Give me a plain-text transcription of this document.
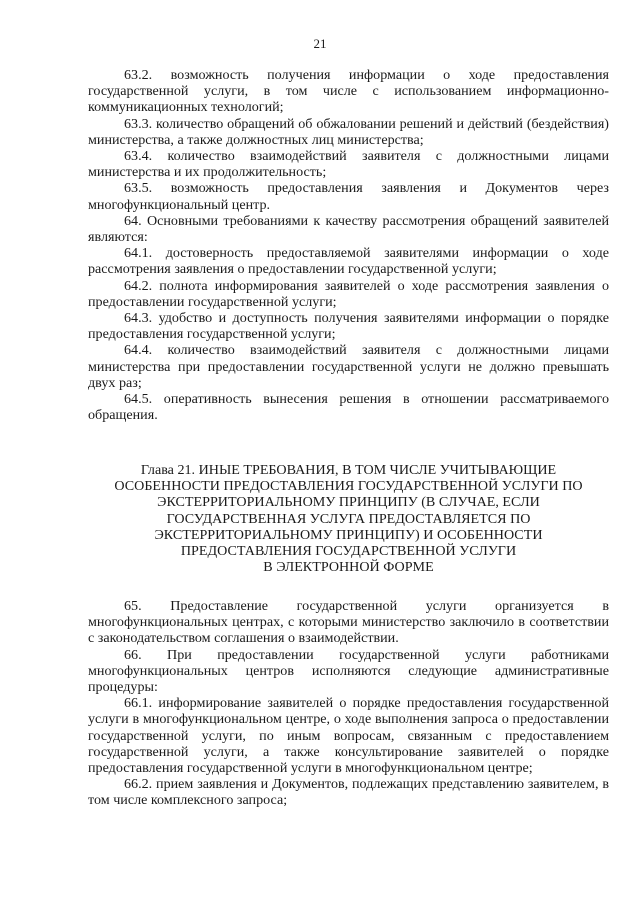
21

63.2. возможность получения информации о ходе предоставления государственной услуги, в том числе с использованием информационно-коммуникационных технологий;

63.3. количество обращений об обжаловании решений и действий (бездействия) министерства, а также должностных лиц министерства;

63.4. количество взаимодействий заявителя с должностными лицами министерства и их продолжительность;

63.5. возможность предоставления заявления и Документов через многофункциональный центр.

64. Основными требованиями к качеству рассмотрения обращений заявителей являются:

64.1. достоверность предоставляемой заявителями информации о ходе рассмотрения заявления о предоставлении государственной услуги;

64.2. полнота информирования заявителей о ходе рассмотрения заявления о предоставлении государственной услуги;

64.3. удобство и доступность получения заявителями информации о порядке предоставления государственной услуги;

64.4. количество взаимодействий заявителя с должностными лицами министерства при предоставлении государственной услуги не должно превышать двух раз;

64.5. оперативность вынесения решения в отношении рассматриваемого обращения.

Глава 21. ИНЫЕ ТРЕБОВАНИЯ, В ТОМ ЧИСЛЕ УЧИТЫВАЮЩИЕ
ОСОБЕННОСТИ ПРЕДОСТАВЛЕНИЯ ГОСУДАРСТВЕННОЙ УСЛУГИ ПО
ЭКСТЕРРИТОРИАЛЬНОМУ ПРИНЦИПУ (В СЛУЧАЕ, ЕСЛИ
ГОСУДАРСТВЕННАЯ УСЛУГА ПРЕДОСТАВЛЯЕТСЯ ПО
ЭКСТЕРРИТОРИАЛЬНОМУ ПРИНЦИПУ) И ОСОБЕННОСТИ
ПРЕДОСТАВЛЕНИЯ ГОСУДАРСТВЕННОЙ УСЛУГИ
В ЭЛЕКТРОННОЙ ФОРМЕ

65. Предоставление государственной услуги организуется в многофункциональных центрах, с которыми министерство заключило в соответствии с законодательством соглашения о взаимодействии.

66. При предоставлении государственной услуги работниками многофункциональных центров исполняются следующие административные процедуры:

66.1. информирование заявителей о порядке предоставления государственной услуги в многофункциональном центре, о ходе выполнения запроса о предоставлении государственной услуги, по иным вопросам, связанным с предоставлением государственной услуги, а также консультирование заявителей о порядке предоставления государственной услуги в многофункциональном центре;

66.2. прием заявления и Документов, подлежащих представлению заявителем, в том числе комплексного запроса;
